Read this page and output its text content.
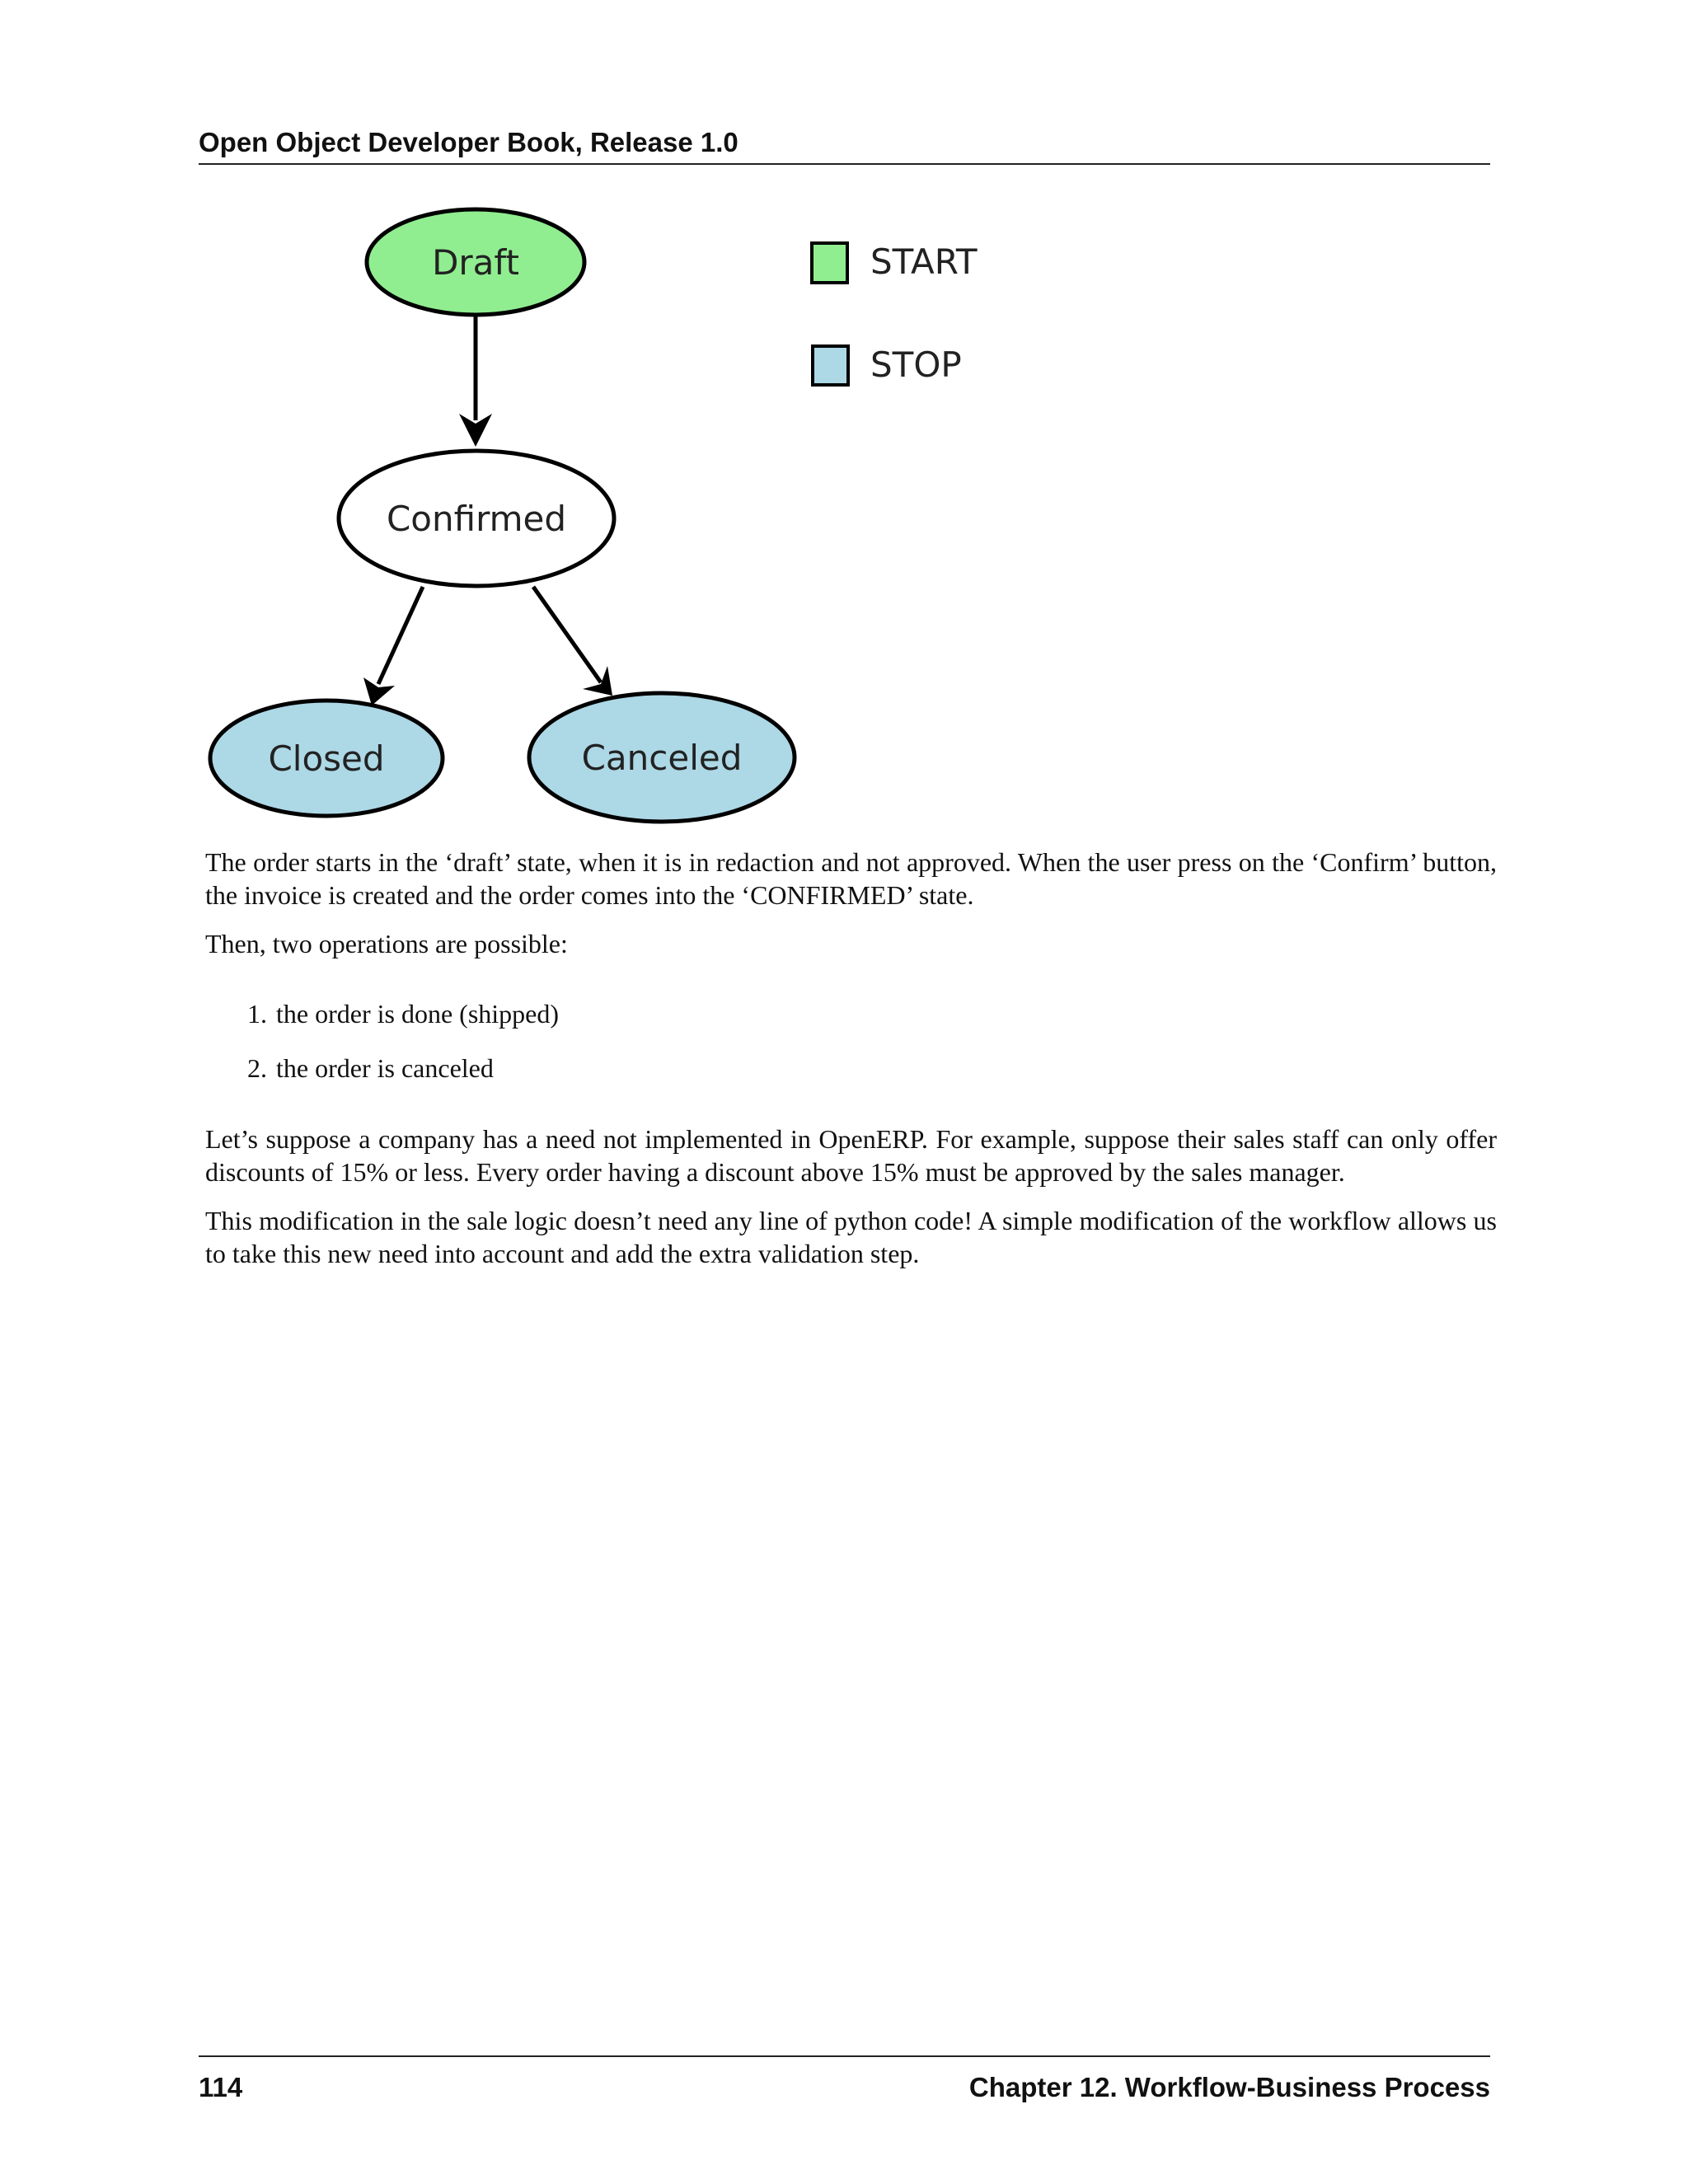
Open Object Developer Book, Release 1.0
Draft
Confirmed
Closed	Canceled
START
STOP

The order starts in the ‘draft’ state, when it is in redaction and not approved. When the user press on the ‘Confirm’ button, the invoice is created and the order comes into the ‘CONFIRMED’ state.

Then, two operations are possible:

1. the order is done (shipped)
2. the order is canceled

Let’s suppose a company has a need not implemented in OpenERP. For example, suppose their sales staff can only offer discounts of 15% or less. Every order having a discount above 15% must be approved by the sales manager.

This modification in the sale logic doesn’t need any line of python code! A simple modification of the workflow allows us to take this new need into account and add the extra validation step.

114	Chapter 12. Workflow-Business Process
